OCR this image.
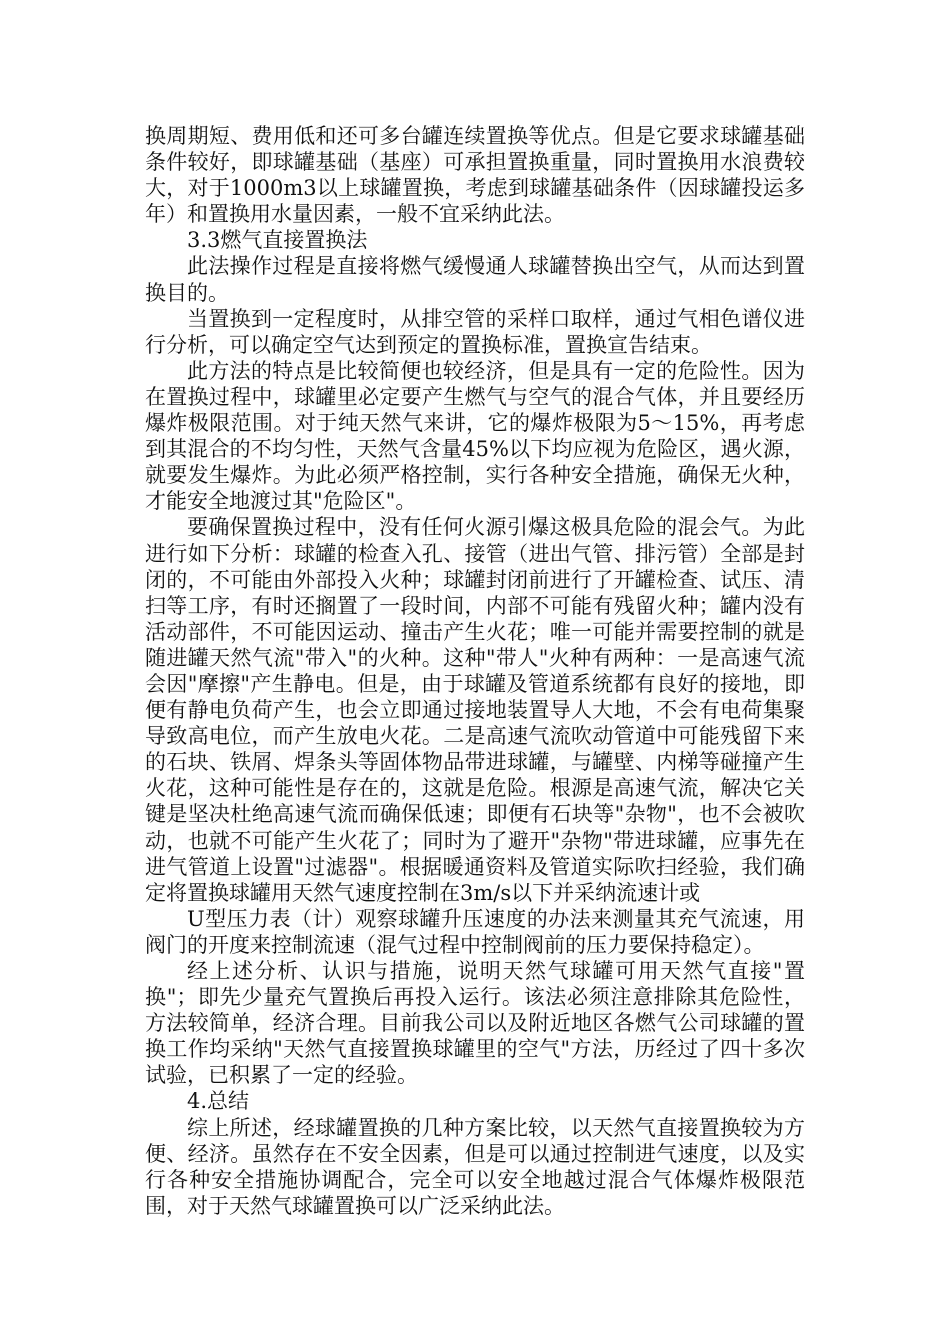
换周期短、费用低和还可多台罐连续置换等优点。但是它要求球罐基础条件较好，即球罐基础（基座）可承担置换重量，同时置换用水浪费较大，对于1000m3以上球罐置换，考虑到球罐基础条件（因球罐投运多年）和置换用水量因素，一般不宜采纳此法。

3.3燃气直接置换法

此法操作过程是直接将燃气缓慢通人球罐替换出空气，从而达到置换目的。

当置换到一定程度时，从排空管的采样口取样，通过气相色谱仪进行分析，可以确定空气达到预定的置换标准，置换宣告结束。

此方法的特点是比较简便也较经济，但是具有一定的危险性。因为在置换过程中，球罐里必定要产生燃气与空气的混合气体，并且要经历爆炸极限范围。对于纯天然气来讲，它的爆炸极限为5～15%，再考虑到其混合的不均匀性，天然气含量45%以下均应视为危险区，遇火源，就要发生爆炸。为此必须严格控制，实行各种安全措施，确保无火种，才能安全地渡过其"危险区"。

要确保置换过程中，没有任何火源引爆这极具危险的混会气。为此进行如下分析：球罐的检查入孔、接管（进出气管、排污管）全部是封闭的，不可能由外部投入火种；球罐封闭前进行了开罐检查、试压、清扫等工序，有时还搁置了一段时间，内部不可能有残留火种；罐内没有活动部件，不可能因运动、撞击产生火花；唯一可能并需要控制的就是随进罐天然气流"带入"的火种。这种"带人"火种有两种：一是高速气流会因"摩擦"产生静电。但是，由于球罐及管道系统都有良好的接地，即便有静电负荷产生，也会立即通过接地装置导人大地，不会有电荷集聚导致高电位，而产生放电火花。二是高速气流吹动管道中可能残留下来的石块、铁屑、焊条头等固体物品带进球罐，与罐壁、内梯等碰撞产生火花，这种可能性是存在的，这就是危险。根源是高速气流，解决它关键是坚决杜绝高速气流而确保低速；即便有石块等"杂物"，也不会被吹动，也就不可能产生火花了；同时为了避开"杂物"带进球罐，应事先在进气管道上设置"过滤器"。根据暖通资料及管道实际吹扫经验，我们确定将置换球罐用天然气速度控制在3m/s以下并采纳流速计或

U型压力表（计）观察球罐升压速度的办法来测量其充气流速，用阀门的开度来控制流速（混气过程中控制阀前的压力要保持稳定）。

经上述分析、认识与措施，说明天然气球罐可用天然气直接"置换"；即先少量充气置换后再投入运行。该法必须注意排除其危险性，方法较简单，经济合理。目前我公司以及附近地区各燃气公司球罐的置换工作均采纳"天然气直接置换球罐里的空气"方法，历经过了四十多次试验，已积累了一定的经验。

4.总结

综上所述，经球罐置换的几种方案比较，以天然气直接置换较为方便、经济。虽然存在不安全因素，但是可以通过控制进气速度，以及实行各种安全措施协调配合，完全可以安全地越过混合气体爆炸极限范围，对于天然气球罐置换可以广泛采纳此法。
